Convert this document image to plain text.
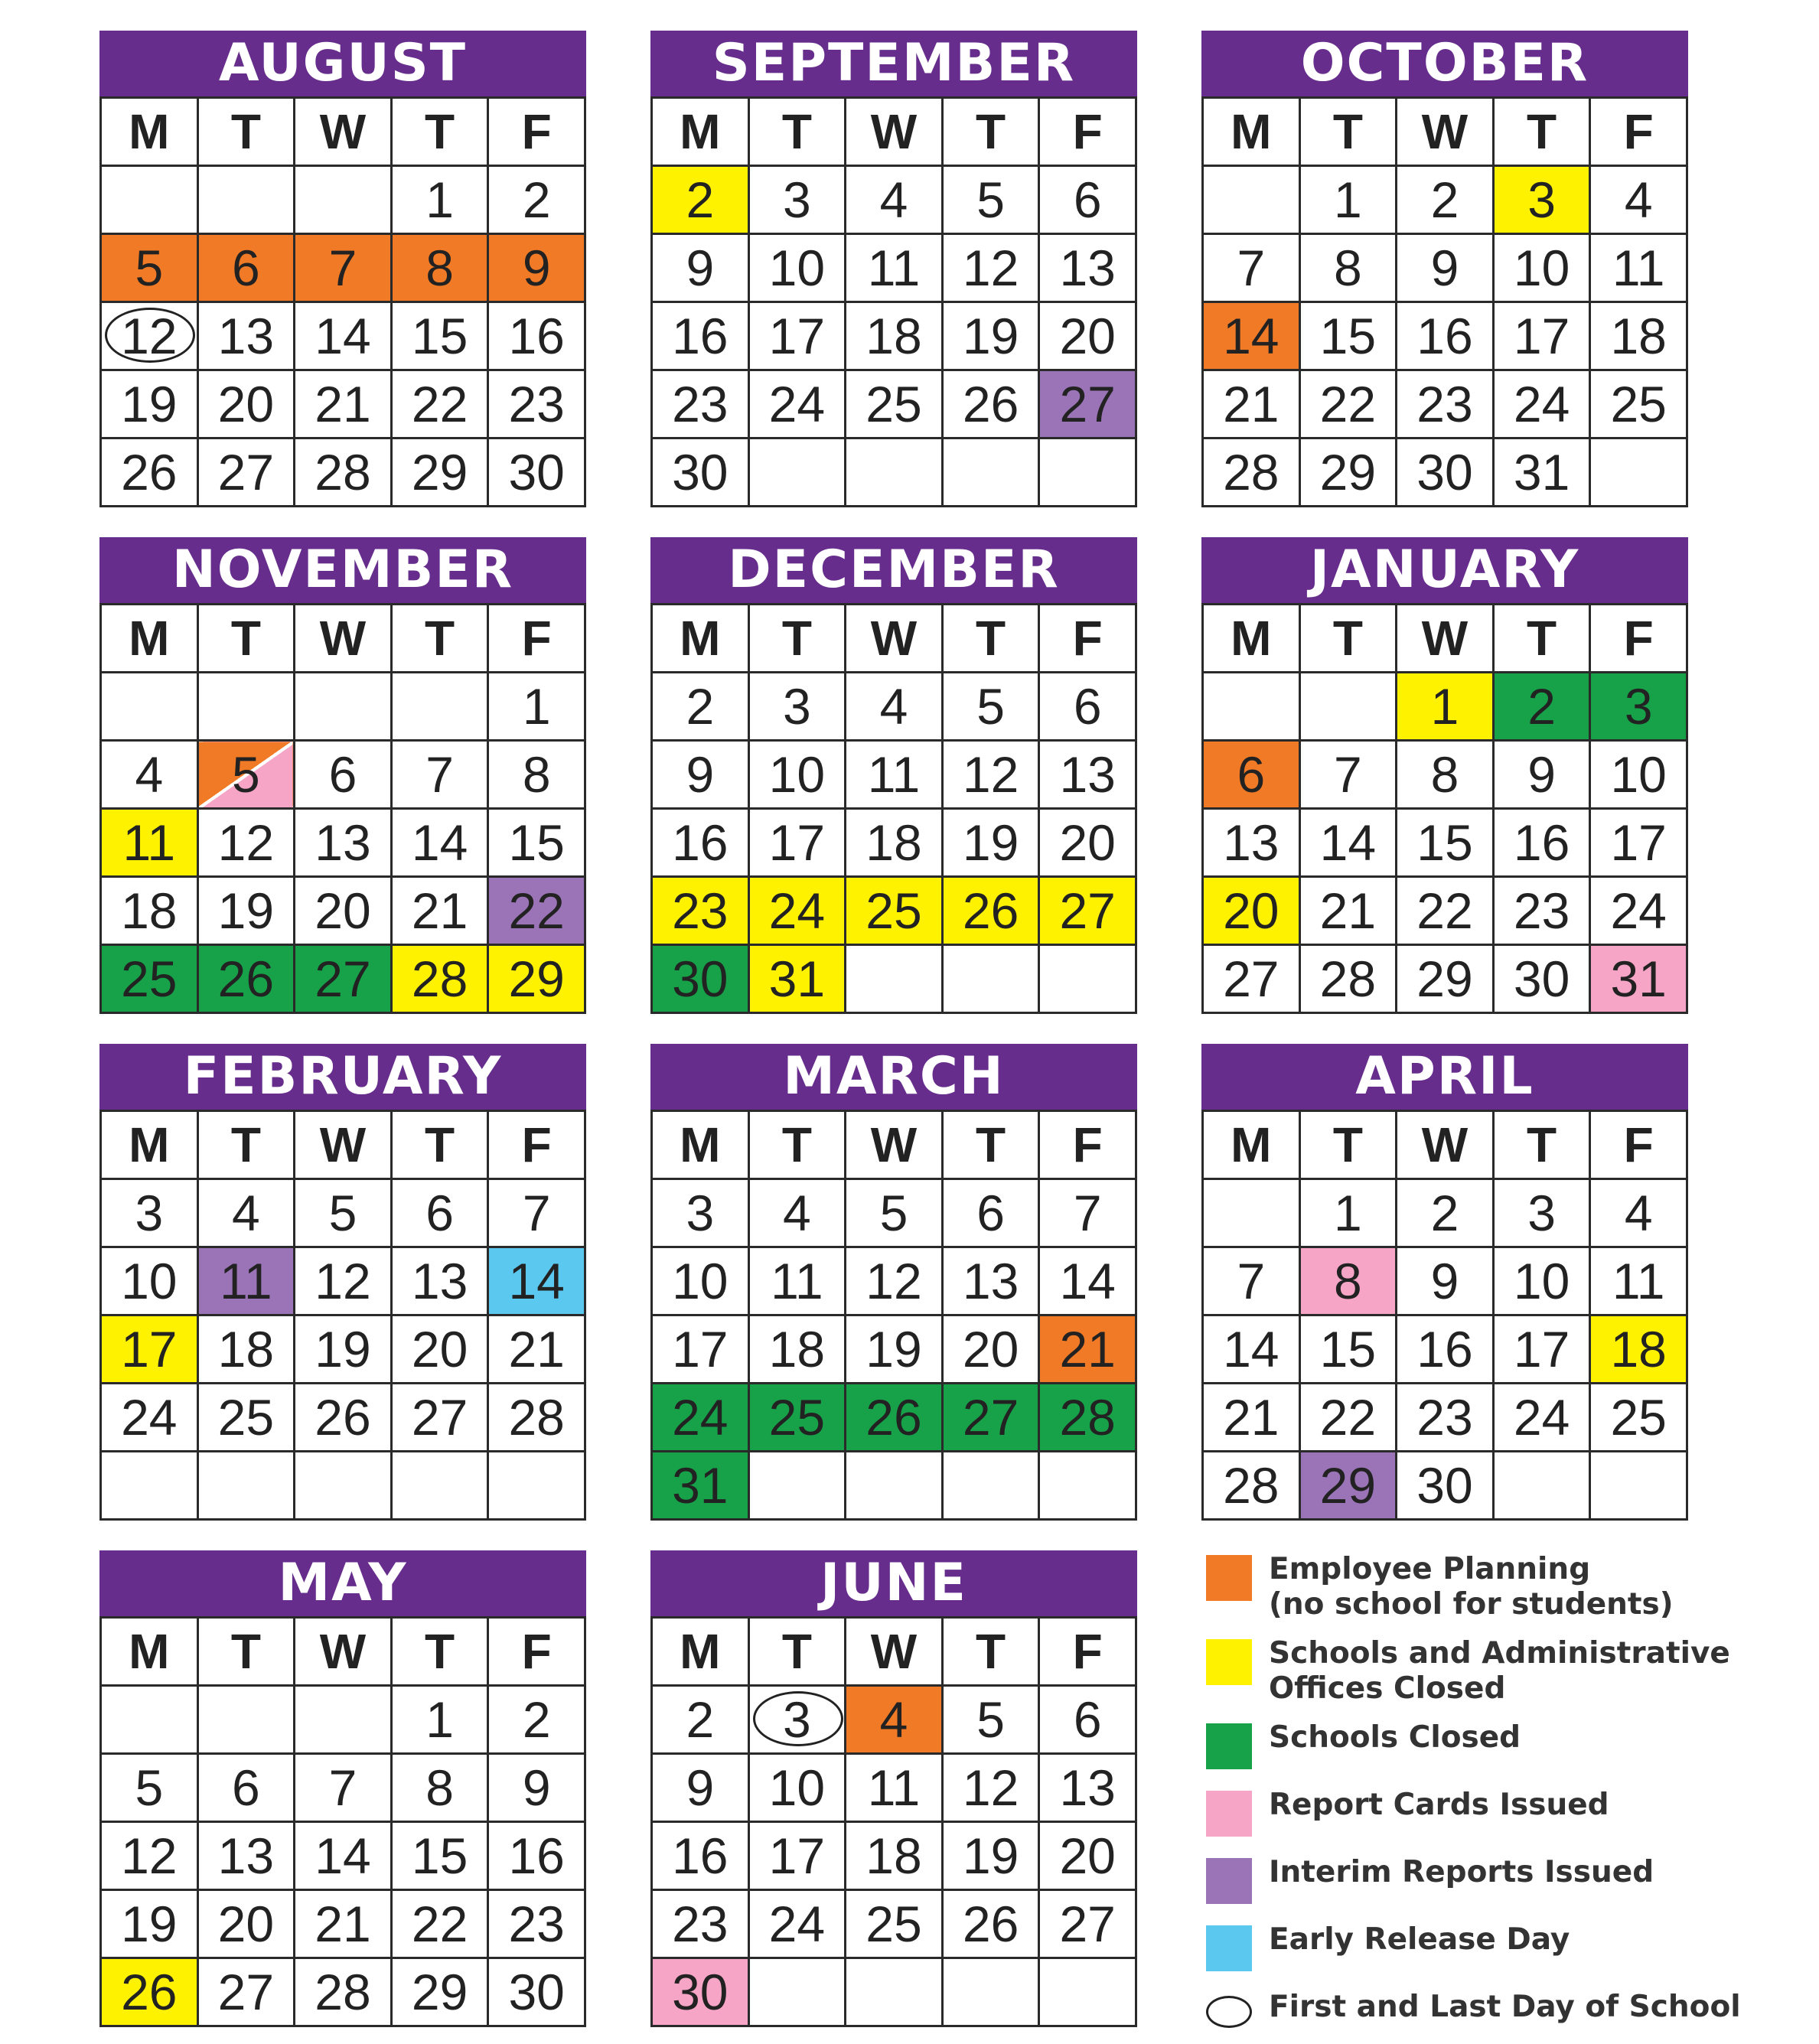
AUGUST
M	T	W	T	F
			1	2
5	6	7	8	9

12	13	14	15	16
19	20	21	22	23
26	27	28	29	30
SEPTEMBER
M	T	W	T	F
2	3	4	5	6
9	10	11	12	13
16	17	18	19	20
23	24	25	26	27
30				
OCTOBER
M	T	W	T	F
	1	2	3	4
7	8	9	10	11
14	15	16	17	18
21	22	23	24	25
28	29	30	31	
NOVEMBER
M	T	W	T	F
				1
4	5	6	7	8
11	12	13	14	15
18	19	20	21	22
25	26	27	28	29
DECEMBER
M	T	W	T	F
2	3	4	5	6
9	10	11	12	13
16	17	18	19	20
23	24	25	26	27
30	31			
JANUARY
M	T	W	T	F
		1	2	3
6	7	8	9	10
13	14	15	16	17
20	21	22	23	24
27	28	29	30	31
FEBRUARY
M	T	W	T	F
3	4	5	6	7
10	11	12	13	14
17	18	19	20	21
24	25	26	27	28

MARCH
M	T	W	T	F
3	4	5	6	7
10	11	12	13	14
17	18	19	20	21
24	25	26	27	28
31				
APRIL
M	T	W	T	F
	1	2	3	4
7	8	9	10	11
14	15	16	17	18
21	22	23	24	25
28	29	30		
MAY
M	T	W	T	F
			1	2
5	6	7	8	9
12	13	14	15	16
19	20	21	22	23
26	27	28	29	30
JUNE
M	T	W	T	F
2	3	4	5	6
9	10	11	12	13
16	17	18	19	20
23	24	25	26	27
30				
Employee Planning
(no school for students)
Schools and Administrative
Offices Closed
Schools Closed
Report Cards Issued
Interim Reports Issued
Early Release Day
First and Last Day of School
